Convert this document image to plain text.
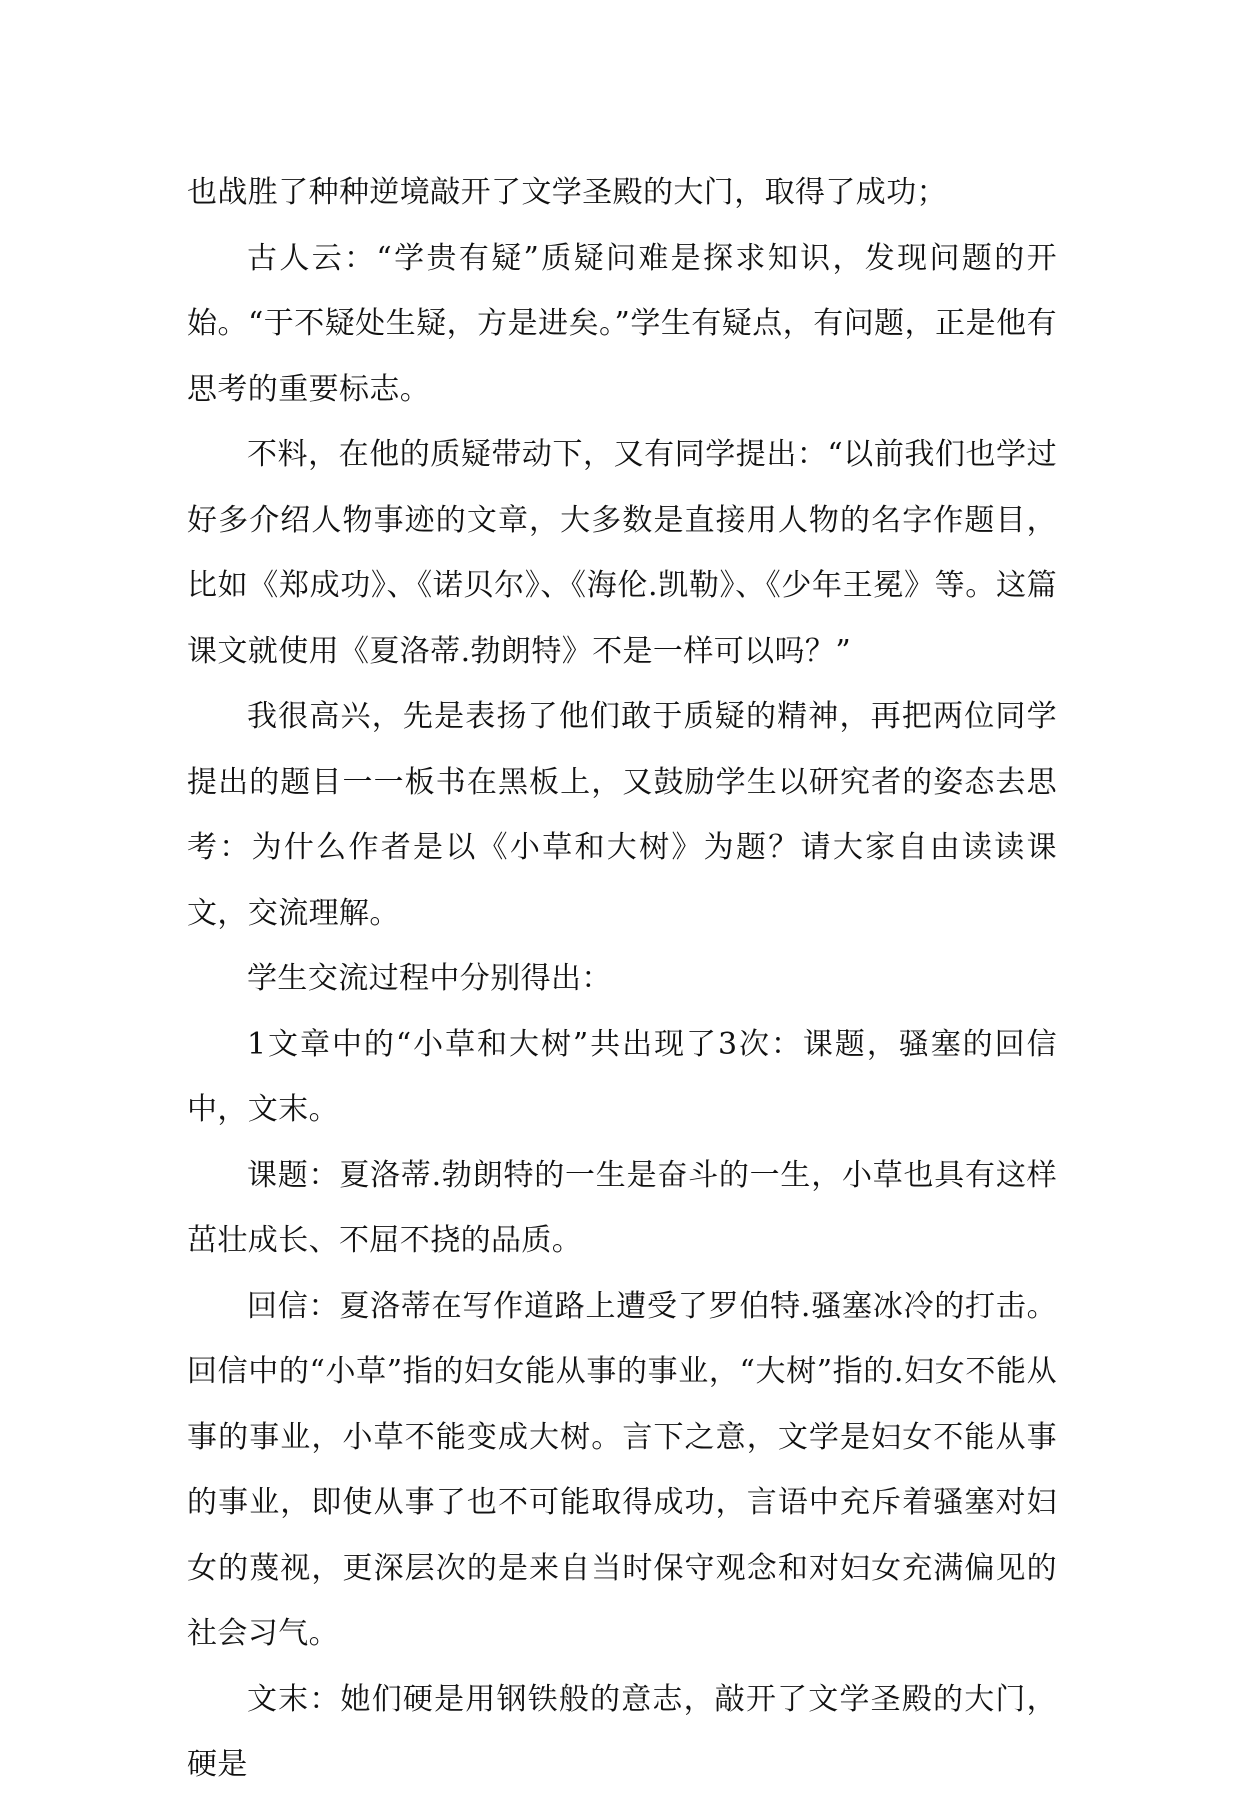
也战胜了种种逆境敲开了文学圣殿的大门，取得了成功；

古人云：“学贵有疑”质疑问难是探求知识，发现问题的开始。“于不疑处生疑，方是进矣。”学生有疑点，有问题，正是他有思考的重要标志。

不料，在他的质疑带动下，又有同学提出：“以前我们也学过好多介绍人物事迹的文章，大多数是直接用人物的名字作题目，比如《郑成功》、《诺贝尔》、《海伦.凯勒》、《少年王冕》等。这篇课文就使用《夏洛蒂.勃朗特》不是一样可以吗？”

我很高兴，先是表扬了他们敢于质疑的精神，再把两位同学提出的题目一一板书在黑板上，又鼓励学生以研究者的姿态去思考：为什么作者是以《小草和大树》为题？请大家自由读读课文，交流理解。

学生交流过程中分别得出：

1文章中的“小草和大树”共出现了3次：课题，骚塞的回信中，文末。

课题：夏洛蒂.勃朗特的一生是奋斗的一生，小草也具有这样茁壮成长、不屈不挠的品质。

回信：夏洛蒂在写作道路上遭受了罗伯特.骚塞冰冷的打击。回信中的“小草”指的妇女能从事的事业，“大树”指的.妇女不能从事的事业，小草不能变成大树。言下之意，文学是妇女不能从事的事业，即使从事了也不可能取得成功，言语中充斥着骚塞对妇女的蔑视，更深层次的是来自当时保守观念和对妇女充满偏见的社会习气。

文末：她们硬是用钢铁般的意志，敲开了文学圣殿的大门，硬是
